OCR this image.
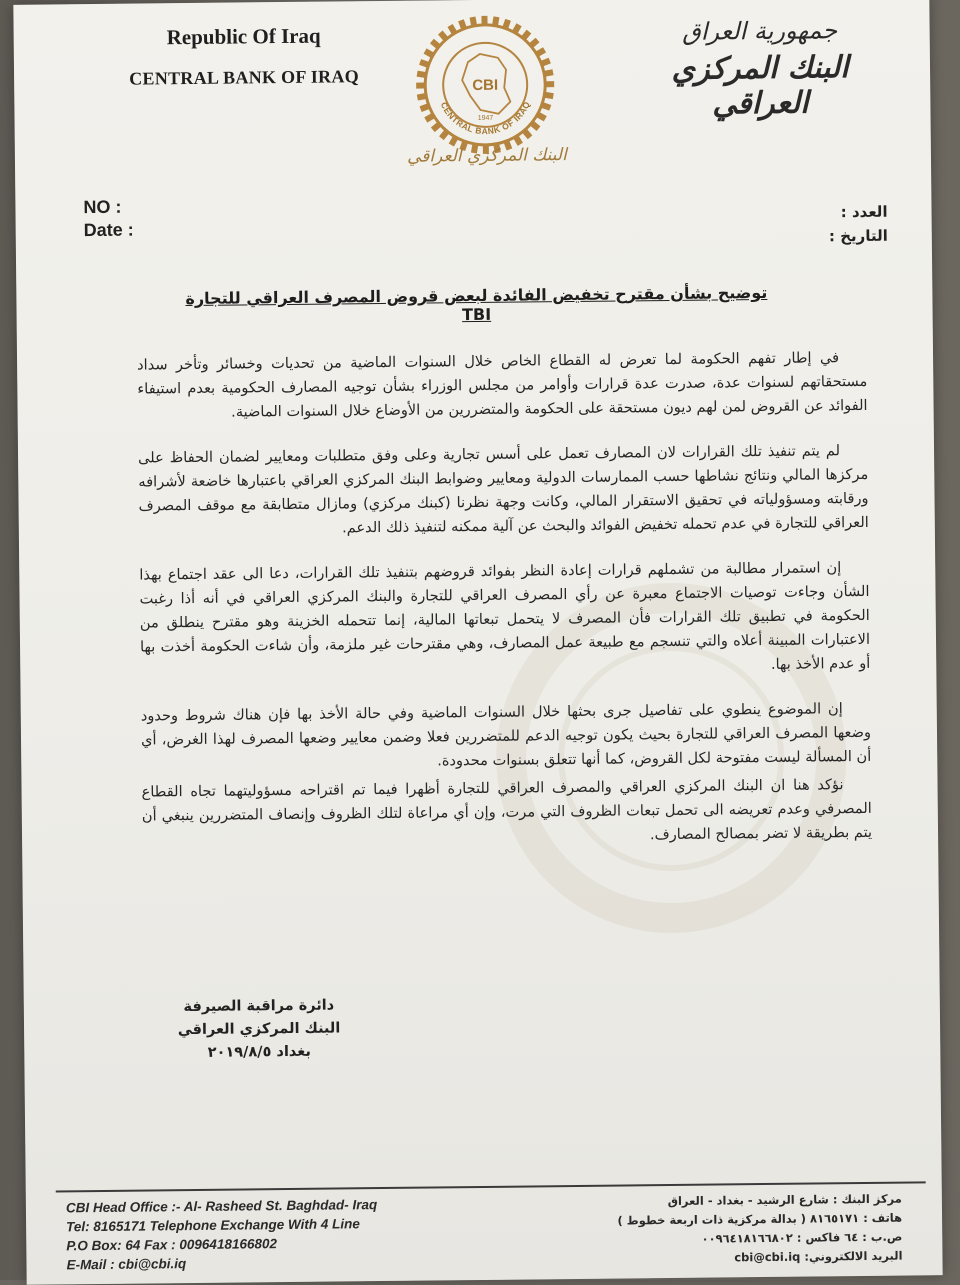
Republic Of Iraq
CENTRAL BANK OF IRAQ	CBI
1947
CENTRAL BANK OF IRAQ
البنك المركزي العراقي
جمهورية العراق
البنك المركزي العراقي
NO :
Date :
العدد :
التاريخ :
توضيح بشأن مقترح تخفيض الفائدة لبعض قروض المصرف العراقي للتجارة TBI

في إطار تفهم الحكومة لما تعرض له القطاع الخاص خلال السنوات الماضية من تحديات وخسائر وتأخر سداد مستحقاتهم لسنوات عدة، صدرت عدة قرارات وأوامر من مجلس الوزراء بشأن توجيه المصارف الحكومية بعدم استيفاء الفوائد عن القروض لمن لهم ديون مستحقة على الحكومة والمتضررين من الأوضاع خلال السنوات الماضية.

لم يتم تنفيذ تلك القرارات لان المصارف تعمل على أسس تجارية وعلى وفق متطلبات ومعايير لضمان الحفاظ على مركزها المالي ونتائج نشاطها حسب الممارسات الدولية ومعايير وضوابط البنك المركزي العراقي باعتبارها خاضعة لأشرافه ورقابته ومسؤولياته في تحقيق الاستقرار المالي، وكانت وجهة نظرنا (كبنك مركزي) ومازال متطابقة مع موقف المصرف العراقي للتجارة في عدم تحمله تخفيض الفوائد والبحث عن آلية ممكنه لتنفيذ ذلك الدعم.

إن استمرار مطالبة من تشملهم قرارات إعادة النظر بفوائد قروضهم بتنفيذ تلك القرارات، دعا الى عقد اجتماع بهذا الشأن وجاءت توصيات الاجتماع معبرة عن رأي المصرف العراقي للتجارة والبنك المركزي العراقي في أنه أذا رغبت الحكومة في تطبيق تلك القرارات فأن المصرف لا يتحمل تبعاتها المالية، إنما تتحمله الخزينة وهو مقترح ينطلق من الاعتبارات المبينة أعلاه والتي تنسجم مع طبيعة عمل المصارف، وهي مقترحات غير ملزمة، وأن شاءت الحكومة أخذت بها أو عدم الأخذ بها.

إن الموضوع ينطوي على تفاصيل جرى بحثها خلال السنوات الماضية وفي حالة الأخذ بها فإن هناك شروط وحدود وضعها المصرف العراقي للتجارة بحيث يكون توجيه الدعم للمتضررين فعلا وضمن معايير وضعها المصرف لهذا الغرض، أي أن المسألة ليست مفتوحة لكل القروض، كما أنها تتعلق بسنوات محدودة.

نؤكد هنا ان البنك المركزي العراقي والمصرف العراقي للتجارة أظهرا فيما تم اقتراحه مسؤوليتهما تجاه القطاع المصرفي وعدم تعريضه الى تحمل تبعات الظروف التي مرت، وإن أي مراعاة لتلك الظروف وإنصاف المتضررين ينبغي أن يتم بطريقة لا تضر بمصالح المصارف.

دائرة مراقبة الصيرفة
البنك المركزي العراقي
بغداد ٢٠١٩/٨/٥
CBI Head Office :- Al- Rasheed St. Baghdad- Iraq
Tel: 8165171 Telephone Exchange With 4 Line
P.O Box: 64 Fax : 0096418166802
E-Mail : cbi@cbi.iq
مركز البنك : شارع الرشيد - بغداد - العراق
هاتف : ٨١٦٥١٧١ ( بدالة مركزية ذات اربعة خطوط )
ص.ب : ٦٤ فاكس : ٠٠٩٦٤١٨١٦٦٨٠٢
البريد الالكتروني: cbi@cbi.iq
